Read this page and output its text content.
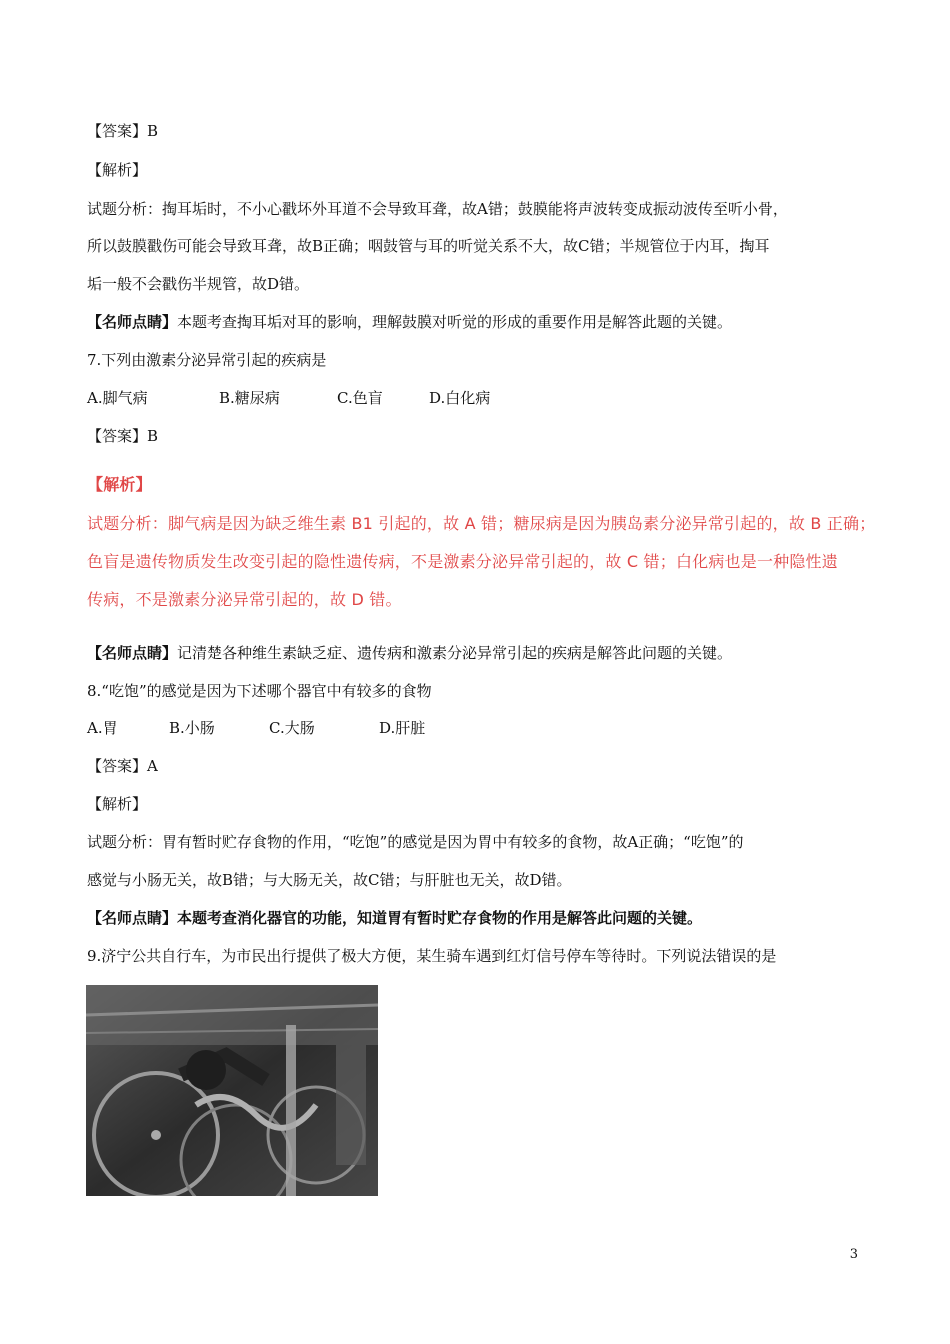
【答案】B
【解析】
试题分析：掏耳垢时，不小心戳坏外耳道不会导致耳聋，故A错；鼓膜能将声波转变成振动波传至听小骨，
所以鼓膜戳伤可能会导致耳聋，故B正确；咽鼓管与耳的听觉关系不大，故C错；半规管位于内耳，掏耳
垢一般不会戳伤半规管，故D错。
【名师点睛】本题考查掏耳垢对耳的影响，理解鼓膜对听觉的形成的重要作用是解答此题的关键。
7.下列由激素分泌异常引起的疾病是
A.脚气病	B.糖尿病	C.色盲	D.白化病
【答案】B
【解析】
试题分析：脚气病是因为缺乏维生素 B1 引起的，故 A 错；糖尿病是因为胰岛素分泌异常引起的，故 B 正确；
色盲是遗传物质发生改变引起的隐性遗传病，不是激素分泌异常引起的，故 C 错；白化病也是一种隐性遗
传病，不是激素分泌异常引起的，故 D 错。
【名师点睛】记清楚各种维生素缺乏症、遗传病和激素分泌异常引起的疾病是解答此问题的关键。
8.“吃饱”的感觉是因为下述哪个器官中有较多的食物
A.胃	B.小肠	C.大肠	D.肝脏
【答案】A
【解析】
试题分析：胃有暂时贮存食物的作用，“吃饱”的感觉是因为胃中有较多的食物，故A正确；“吃饱”的
感觉与小肠无关，故B错；与大肠无关，故C错；与肝脏也无关，故D错。
【名师点睛】本题考查消化器官的功能，知道胃有暂时贮存食物的作用是解答此问题的关键。
9.济宁公共自行车，为市民出行提供了极大方便，某生骑车遇到红灯信号停车等待时。下列说法错误的是
3
